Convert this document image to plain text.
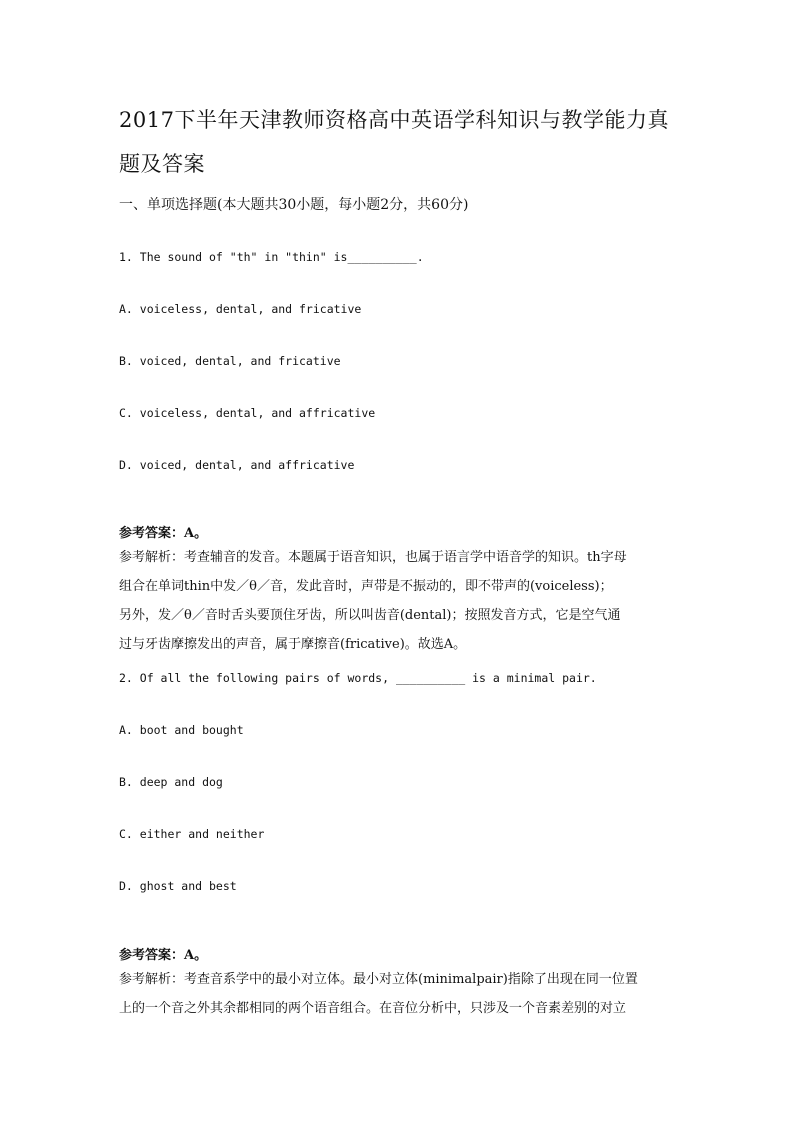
2017下半年天津教师资格高中英语学科知识与教学能力真
题及答案

一、单项选择题(本大题共30小题，每小题2分，共60分)

1. The sound of "th" in "thin" is__________.

A. voiceless, dental, and fricative

B. voiced, dental, and fricative

C. voiceless, dental, and affricative

D. voiced, dental, and affricative

参考答案：A。

参考解析：考查辅音的发音。本题属于语音知识，也属于语言学中语音学的知识。th字母

组合在单词thin中发／θ／音，发此音时，声带是不振动的，即不带声的(voiceless)；

另外，发／θ／音时舌头要顶住牙齿，所以叫齿音(dental)；按照发音方式，它是空气通

过与牙齿摩擦发出的声音，属于摩擦音(fricative)。故选A。

2. Of all the following pairs of words, __________ is a minimal pair.

A. boot and bought

B. deep and dog

C. either and neither

D. ghost and best

参考答案：A。

参考解析：考查音系学中的最小对立体。最小对立体(minimalpair)指除了出现在同一位置

上的一个音之外其余都相同的两个语音组合。在音位分析中，只涉及一个音素差别的对立
